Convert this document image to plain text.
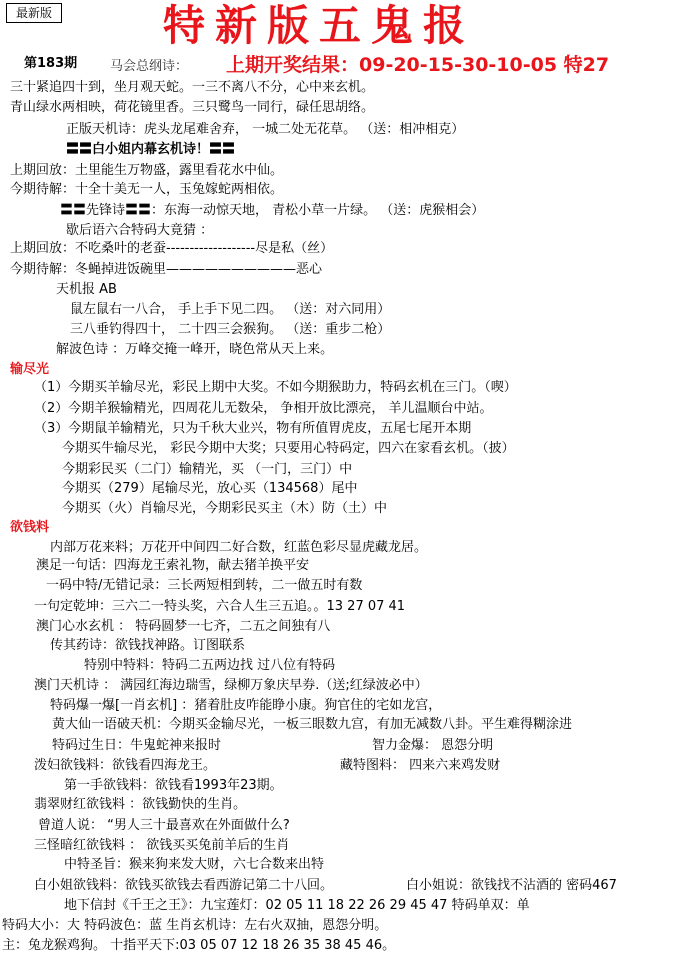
最新版	特新版五鬼报
第183期	马会总纲诗： 上期开奖结果：09-20-15-30-10-05 特27
三十紧追四十到，坐月观天蛇。一三不离八不分，心中来玄机。
青山绿水两相映，荷花镜里香。三只鹭鸟一同行，碌任思胡络。
正版天机诗：虎头龙尾难舍弃， 一城二处无花草。 （送：相冲相克）
〓〓白小姐内幕玄机诗！〓〓
上期回放：土里能生万物盛，露里看花水中仙。
今期待解：十全十美无一人，玉兔嫁蛇两相依。
〓〓先锋诗〓〓：东海一动惊天地， 青松小草一片绿。 （送：虎猴相会）
歇后语六合特码大竟猜 ：
上期回放：不吃桑叶的老蚕-------------------尽是私（丝）
今期待解：冬蝇掉进饭碗里——————————恶心
天机报 AB
鼠左鼠右一八合， 手上手下见二四。 （送：对六同用）
三八垂钓得四十， 二十四三会猴狗。 （送：重步二枪）
解波色诗 ：万峰交掩一峰开，晓色常从天上来。
输尽光
（1）今期买羊输尽光，彩民上期中大奖。不如今期猴助力，特码玄机在三门。（喫）
（2）今期羊猴输精光，四周花儿无数朵， 争相开放比漂亮， 羊儿温顺台中站。
（3）今期鼠羊输精光，只为千秋大业兴，物有所值胃虎皮，五尾七尾开本期
今期买牛输尽光， 彩民今期中大奖；只要用心特码定，四六在家看玄机。（披）
今期彩民买（二门）输精光，买 （一门，三门）中
今期买（279）尾输尽光，放心买（134568）尾中
今期买（火）肖输尽光，今期彩民买主（木）防（土）中
欲钱料
内部万花来料；万花开中间四二好合数，红蓝色彩尽显虎藏龙居。
澳足一句话：四海龙王索礼物，献去猪羊换平安
一码中特/无错记录：三长两短相到转，二一做五时有数
一句定乾坤：三六二一特头奖，六合人生三五追。。13 27 07 41
澳门心水玄机 ： 特码圆梦一七齐，二五之间独有八
传其药诗：欲钱找神路。订图联系
特别中特料：特码二五两边找 过八位有特码
澳门天机诗 ： 满园红海边瑞雪，绿柳万象庆早券.（送;红绿波必中）
特码爆一爆[一肖玄机] ：猪着肚皮咋能睁小康。狗官住的宅如龙宫，
黄大仙一语破天机：今期买金输尽光，一板三眼数九宫，有加无减数八卦。平生难得糊涂进
特码过生日：牛鬼蛇神来报时	智力金爆： 恩怨分明
泼妇欲钱料：欲钱看四海龙王。	藏特图料： 四来六来鸡发财
第一手欲钱料：欲钱看1993年23期。
翡翠财红欲钱料 ：欲钱勤快的生肖。
曾道人说： “男人三十最喜欢在外面做什么?
三怪暗红欲钱料 ： 欲钱买买兔前羊后的生肖
中特圣旨：猴来狗来发大财，六七合数来出特
白小姐欲钱料：欲钱买欲钱去看西游记第二十八回。	白小姐说：欲钱找不沾酒的 密码467
地下信封《千王之王》：九宝莲灯：02 05 11 18 22 26 29 45 47 特码单双：单
特码大小：大 特码波色：蓝 生肖玄机诗：左右火双抽，恩怨分明。
主：兔龙猴鸡狗。 十指平天下:03 05 07 12 18 26 35 38 45 46。
